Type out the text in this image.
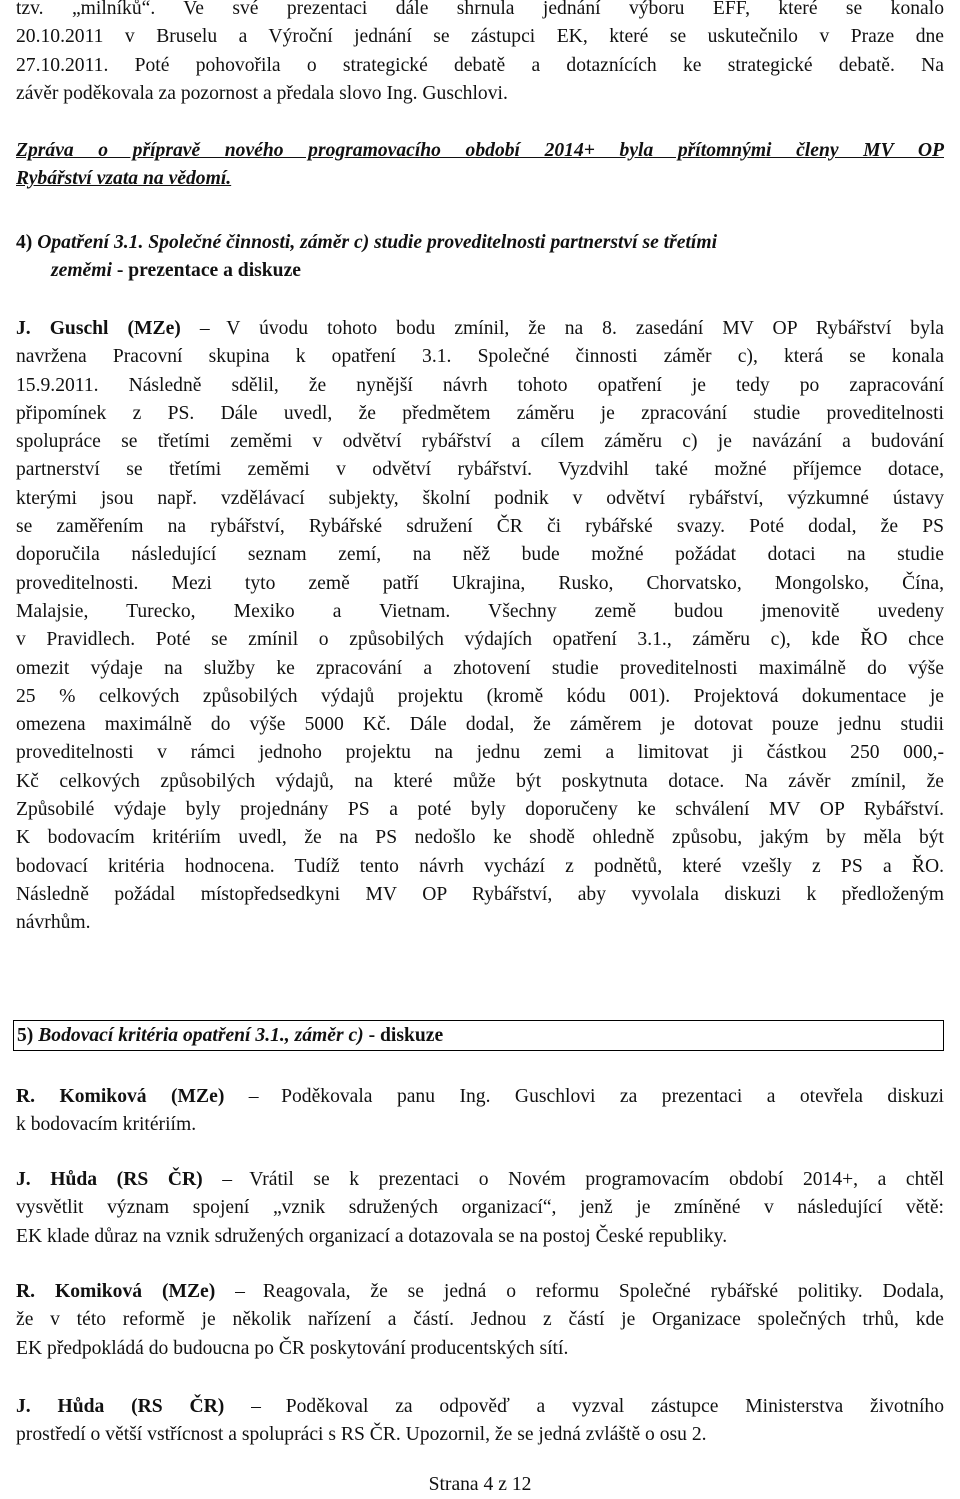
tzv. „milníků“. Ve své prezentaci dále shrnula jednání výboru EFF, které se konalo
20.10.2011 v Bruselu a Výroční jednání se zástupci EK, které se uskutečnilo v Praze dne
27.10.2011. Poté pohovořila o strategické debatě a dotaznících ke strategické debatě. Na
závěr poděkovala za pozornost a předala slovo Ing. Guschlovi.
Zpráva o přípravě nového programovacího období 2014+ byla přítomnými členy MV OP
Rybářství vzata na vědomí.
4) Opatření 3.1. Společné činnosti, záměr c) studie proveditelnosti partnerství se třetími
zeměmi - prezentace a diskuze
J. Guschl (MZe) – V úvodu tohoto bodu zmínil, že na 8. zasedání MV OP Rybářství byla
navržena Pracovní skupina k opatření 3.1. Společné činnosti záměr c), která se konala
15.9.2011. Následně sdělil, že nynější návrh tohoto opatření je tedy po zapracování
připomínek z PS. Dále uvedl, že předmětem záměru je zpracování studie proveditelnosti
spolupráce se třetími zeměmi v odvětví rybářství a cílem záměru c) je navázání a budování
partnerství se třetími zeměmi v odvětví rybářství. Vyzdvihl také možné příjemce dotace,
kterými jsou např. vzdělávací subjekty, školní podnik v odvětví rybářství, výzkumné ústavy
se zaměřením na rybářství, Rybářské sdružení ČR či rybářské svazy. Poté dodal, že PS
doporučila následující seznam zemí, na něž bude možné požádat dotaci na studie
proveditelnosti. Mezi tyto země patří Ukrajina, Rusko, Chorvatsko, Mongolsko, Čína,
Malajsie, Turecko, Mexiko a Vietnam. Všechny země budou jmenovitě uvedeny
v Pravidlech. Poté se zmínil o způsobilých výdajích opatření 3.1., záměru c), kde ŘO chce
omezit výdaje na služby ke zpracování a zhotovení studie proveditelnosti maximálně do výše
25 % celkových způsobilých výdajů projektu (kromě kódu 001). Projektová dokumentace je
omezena maximálně do výše 5000 Kč. Dále dodal, že záměrem je dotovat pouze jednu studii
proveditelnosti v rámci jednoho projektu na jednu zemi a limitovat ji částkou 250 000,-
Kč celkových způsobilých výdajů, na které může být poskytnuta dotace. Na závěr zmínil, že
Způsobilé výdaje byly projednány PS a poté byly doporučeny ke schválení MV OP Rybářství.
K bodovacím kritériím uvedl, že na PS nedošlo ke shodě ohledně způsobu, jakým by měla být
bodovací kritéria hodnocena. Tudíž tento návrh vychází z podnětů, které vzešly z PS a ŘO.
Následně požádal místopředsedkyni MV OP Rybářství, aby vyvolala diskuzi k předloženým
návrhům.
5) Bodovací kritéria opatření 3.1., záměr c) - diskuze
R. Komiková (MZe) – Poděkovala panu Ing. Guschlovi za prezentaci a otevřela diskuzi
k bodovacím kritériím.
J. Hůda (RS ČR) – Vrátil se k prezentaci o Novém programovacím období 2014+, a chtěl
vysvětlit význam spojení „vznik sdružených organizací“, jenž je zmíněné v následující větě:
EK klade důraz na vznik sdružených organizací a dotazovala se na postoj České republiky.
R. Komiková (MZe) – Reagovala, že se jedná o reformu Společné rybářské politiky. Dodala,
že v této reformě je několik nařízení a částí. Jednou z částí je Organizace společných trhů, kde
EK předpokládá do budoucna po ČR poskytování producentských sítí.
J. Hůda (RS ČR) – Poděkoval za odpověď a vyzval zástupce Ministerstva životního
prostředí o větší vstřícnost a spolupráci s RS ČR. Upozornil, že se jedná zvláště o osu 2.
Strana 4 z 12
